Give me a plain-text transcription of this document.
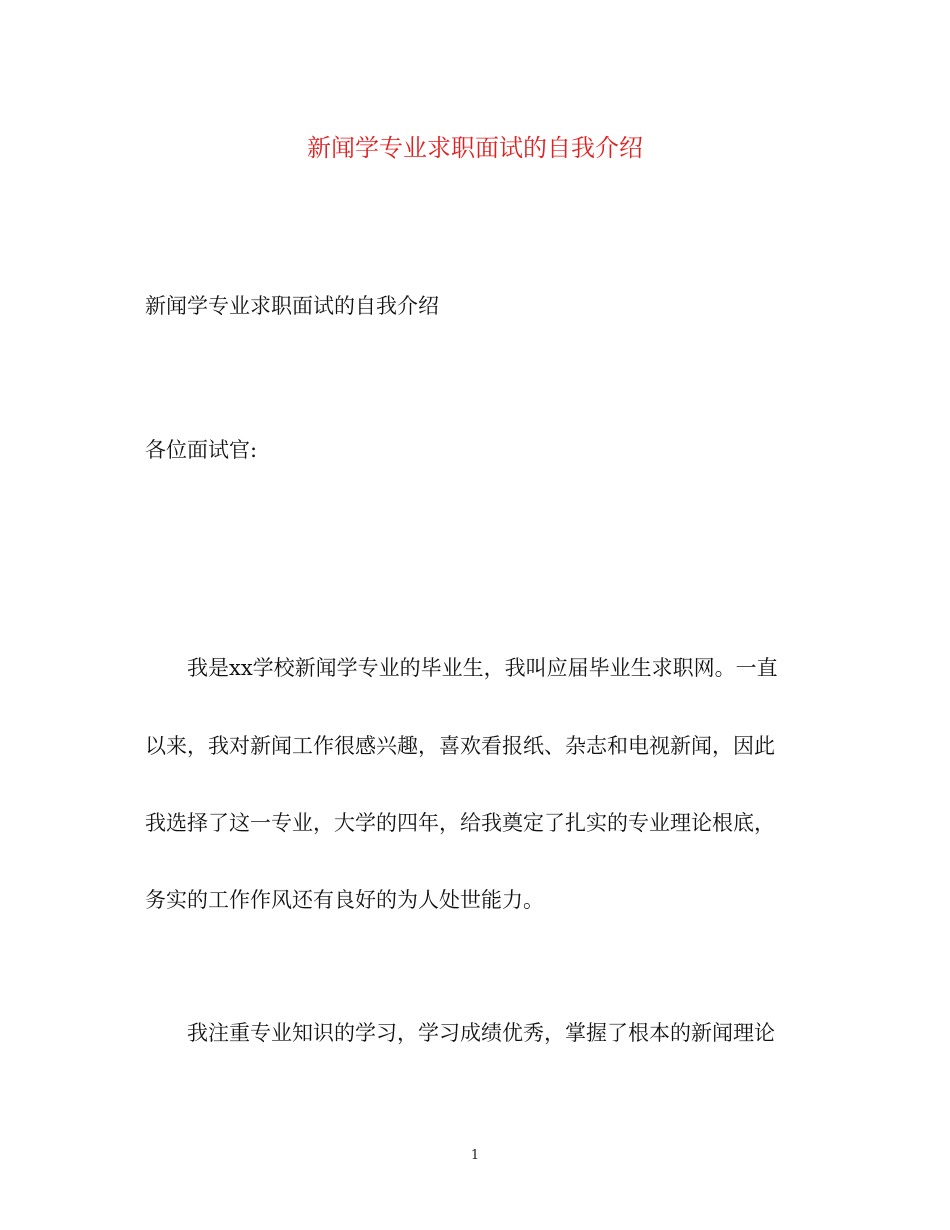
新闻学专业求职面试的自我介绍

新闻学专业求职面试的自我介绍

各位面试官:

我是xx学校新闻学专业的毕业生，我叫应届毕业生求职网。一直

以来，我对新闻工作很感兴趣，喜欢看报纸、杂志和电视新闻，因此

我选择了这一专业，大学的四年，给我奠定了扎实的专业理论根底，

务实的工作作风还有良好的为人处世能力。

我注重专业知识的学习，学习成绩优秀，掌握了根本的新闻理论

1
